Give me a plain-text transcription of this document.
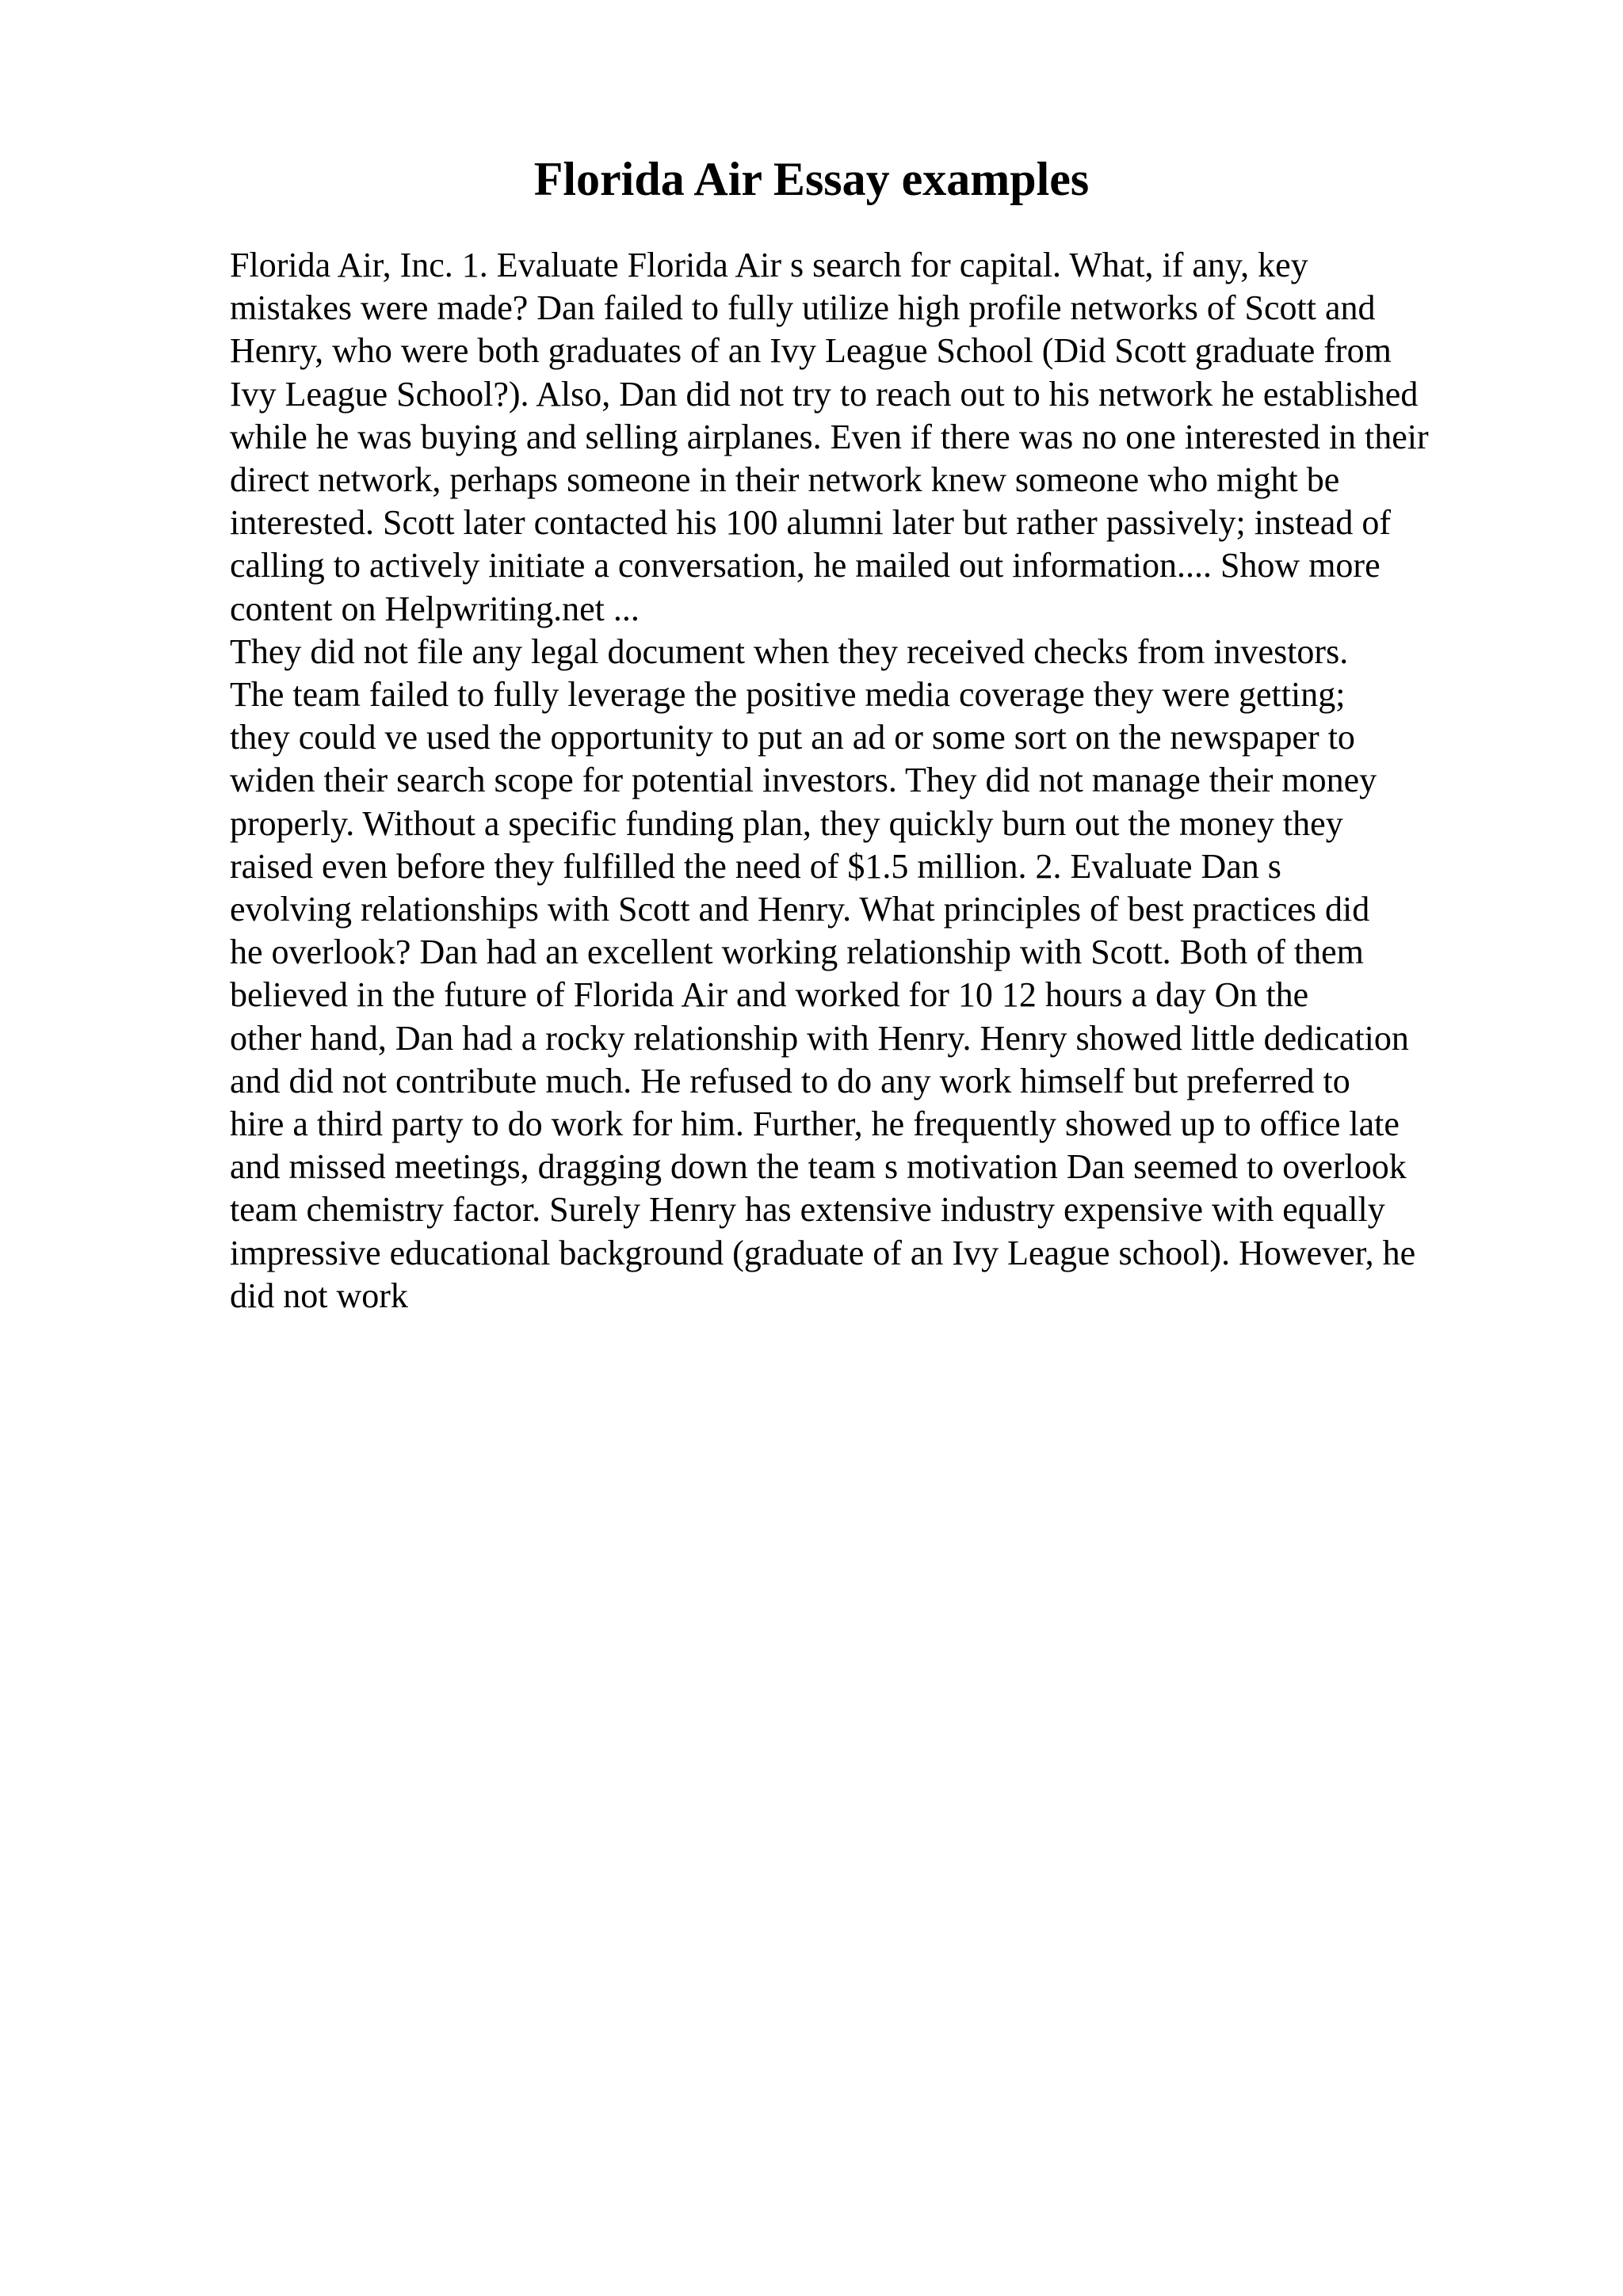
Florida Air Essay examples
Florida Air, Inc. 1. Evaluate Florida Air s search for capital. What, if any, key
mistakes were made? Dan failed to fully utilize high profile networks of Scott and
Henry, who were both graduates of an Ivy League School (Did Scott graduate from
Ivy League School?). Also, Dan did not try to reach out to his network he established
while he was buying and selling airplanes. Even if there was no one interested in their
direct network, perhaps someone in their network knew someone who might be
interested. Scott later contacted his 100 alumni later but rather passively; instead of
calling to actively initiate a conversation, he mailed out information.... Show more
content on Helpwriting.net ...
They did not file any legal document when they received checks from investors.
The team failed to fully leverage the positive media coverage they were getting;
they could ve used the opportunity to put an ad or some sort on the newspaper to
widen their search scope for potential investors. They did not manage their money
properly. Without a specific funding plan, they quickly burn out the money they
raised even before they fulfilled the need of $1.5 million. 2. Evaluate Dan s
evolving relationships with Scott and Henry. What principles of best practices did
he overlook? Dan had an excellent working relationship with Scott. Both of them
believed in the future of Florida Air and worked for 10 12 hours a day On the
other hand, Dan had a rocky relationship with Henry. Henry showed little dedication
and did not contribute much. He refused to do any work himself but preferred to
hire a third party to do work for him. Further, he frequently showed up to office late
and missed meetings, dragging down the team s motivation Dan seemed to overlook
team chemistry factor. Surely Henry has extensive industry expensive with equally
impressive educational background (graduate of an Ivy League school). However, he
did not work
